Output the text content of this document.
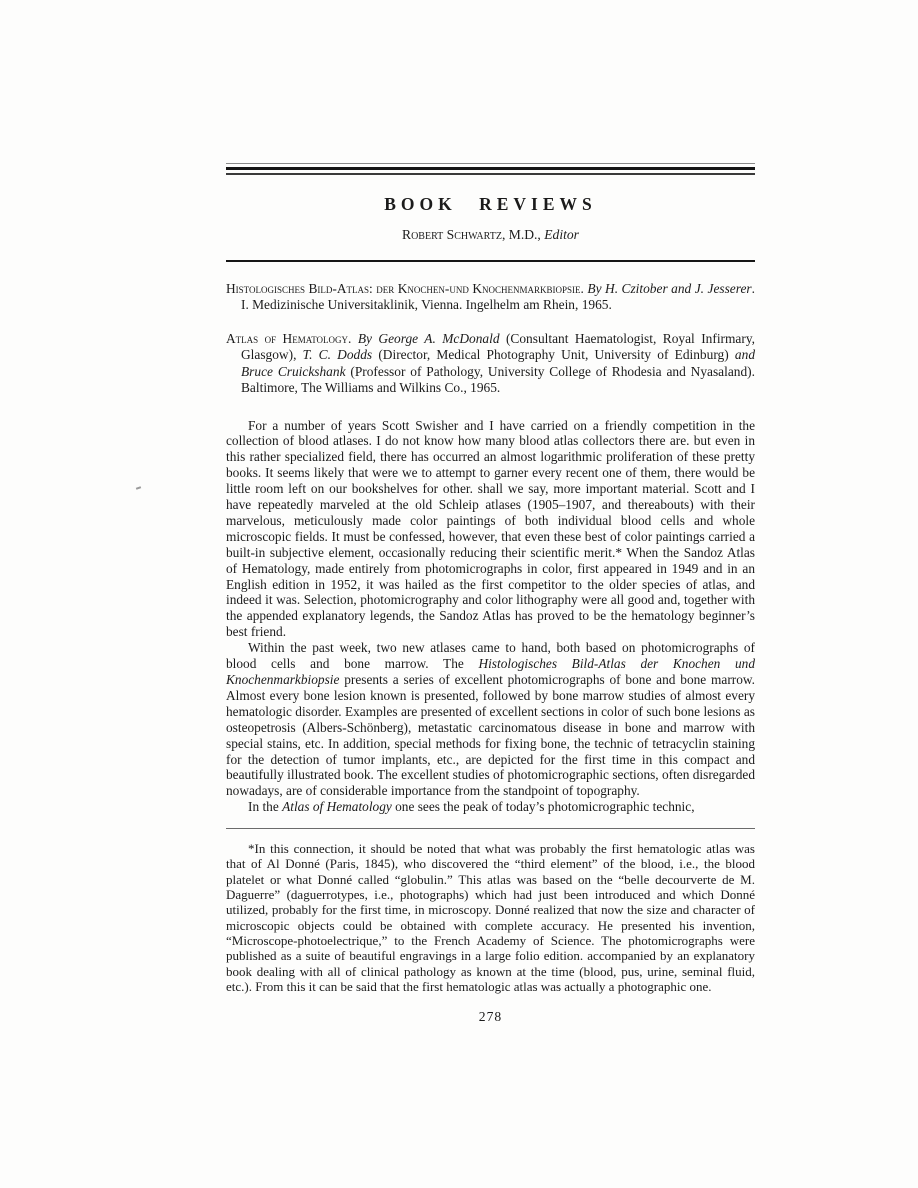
BOOK REVIEWS
Robert Schwartz, M.D., Editor

Histologisches Bild-Atlas: der Knochen-und Knochenmarkbiopsie. By H. Czitober and J. Jesserer. I. Medizinische Universitaklinik, Vienna. Ingelhelm am Rhein, 1965.

Atlas of Hematology. By George A. McDonald (Consultant Haematologist, Royal Infirmary, Glasgow), T. C. Dodds (Director, Medical Photography Unit, University of Edinburg) and Bruce Cruickshank (Professor of Pathology, University College of Rhodesia and Nyasaland). Baltimore, The Williams and Wilkins Co., 1965.

For a number of years Scott Swisher and I have carried on a friendly competition in the collection of blood atlases. I do not know how many blood atlas collectors there are. but even in this rather specialized field, there has occurred an almost logarithmic proliferation of these pretty books. It seems likely that were we to attempt to garner every recent one of them, there would be little room left on our bookshelves for other. shall we say, more important material. Scott and I have repeatedly marveled at the old Schleip atlases (1905–1907, and thereabouts) with their marvelous, meticulously made color paintings of both individual blood cells and whole microscopic fields. It must be confessed, however, that even these best of color paintings carried a built-in subjective element, occasionally reducing their scientific merit.* When the Sandoz Atlas of Hematology, made entirely from photomicrographs in color, first appeared in 1949 and in an English edition in 1952, it was hailed as the first competitor to the older species of atlas, and indeed it was. Selection, photomicrography and color lithography were all good and, together with the appended explanatory legends, the Sandoz Atlas has proved to be the hematology beginner’s best friend.

Within the past week, two new atlases came to hand, both based on photomicrographs of blood cells and bone marrow. The Histologisches Bild-Atlas der Knochen und Knochenmarkbiopsie presents a series of excellent photomicrographs of bone and bone marrow. Almost every bone lesion known is presented, followed by bone marrow studies of almost every hematologic disorder. Examples are presented of excellent sections in color of such bone lesions as osteopetrosis (Albers-Schönberg), metastatic carcinomatous disease in bone and marrow with special stains, etc. In addition, special methods for fixing bone, the technic of tetracyclin staining for the detection of tumor implants, etc., are depicted for the first time in this compact and beautifully illustrated book. The excellent studies of photomicrographic sections, often disregarded nowadays, are of considerable importance from the standpoint of topography.

In the Atlas of Hematology one sees the peak of today’s photomicrographic technic,

*In this connection, it should be noted that what was probably the first hematologic atlas was that of Al Donné (Paris, 1845), who discovered the “third element” of the blood, i.e., the blood platelet or what Donné called “globulin.” This atlas was based on the “belle decourverte de M. Daguerre” (daguerrotypes, i.e., photographs) which had just been introduced and which Donné utilized, probably for the first time, in microscopy. Donné realized that now the size and character of microscopic objects could be obtained with complete accuracy. He presented his invention, “Microscope-photoelectrique,” to the French Academy of Science. The photomicrographs were published as a suite of beautiful engravings in a large folio edition. accompanied by an explanatory book dealing with all of clinical pathology as known at the time (blood, pus, urine, seminal fluid, etc.). From this it can be said that the first hematologic atlas was actually a photographic one.

278
